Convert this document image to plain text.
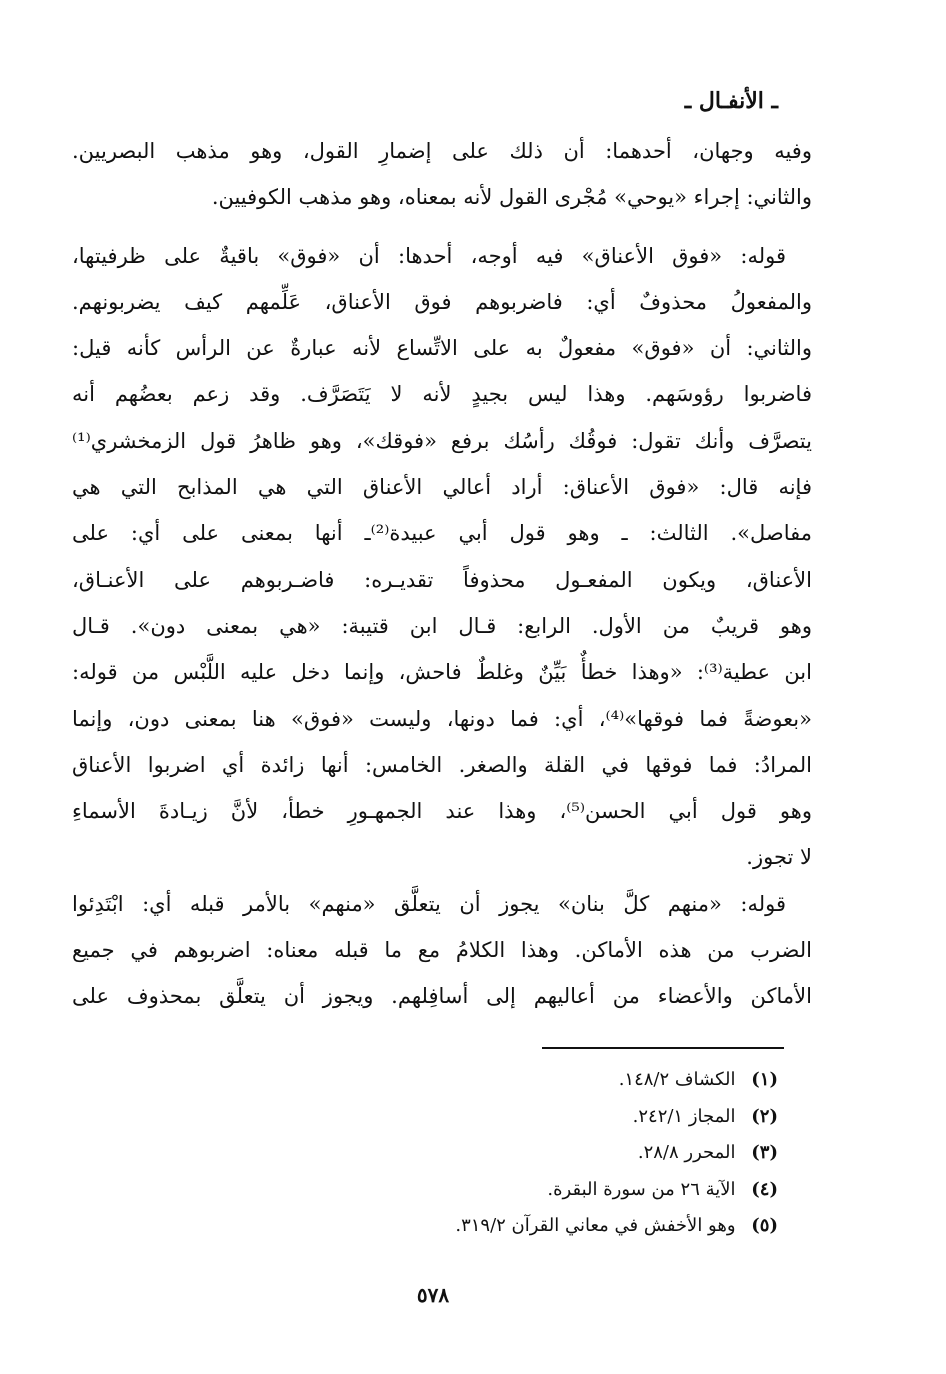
ـ الأنفـال ـ
وفيه وجهان، أحدهما: أن ذلك على إضمارِ القول، وهو مذهب البصريين.
والثاني: إجراء «يوحي» مُجْرى القول لأنه بمعناه، وهو مذهب الكوفيين.
قوله: «فوق الأعناق» فيه أوجه، أحدها: أن «فوق» باقيةٌ على ظرفيتها،
والمفعولُ محذوفٌ أي: فاضربوهم فوق الأعناق، عَلِّمهم كيف يضربونهم.
والثاني: أن «فوق» مفعولٌ به على الاتِّساع لأنه عبارةٌ عن الرأس كأنه قيل:
فاضربوا رؤوسَهم. وهذا ليس بجيدٍ لأنه لا يَتَصَرَّف. وقد زعم بعضُهم أنه
يتصرَّف وأنك تقول: فوقُك رأسُك برفع «فوقك»، وهو ظاهرُ قول الزمخشري⁽¹⁾
فإنه قال: «فوق الأعناق: أراد أعالي الأعناق التي هي المذابح التي هي
مفاصل». الثالث: ـ وهو قول أبي عبيدة⁽²⁾ـ أنها بمعنى على أي: على
الأعناق، ويكون المفعـول محذوفاً تقديـره: فاضـربوهم على الأعنـاق،
وهو قريبٌ من الأول. الرابع: قـال ابن قتيبة: «هي بمعنى دون». قـال
ابن عطية⁽³⁾: «وهذا خطأٌ بَيِّنٌ وغلطٌ فاحش، وإنما دخل عليه اللَّبْس من قوله:
«بعوضةً فما فوقها»⁽⁴⁾، أي: فما دونها، وليست «فوق» هنا بمعنى دون، وإنما
المرادُ: فما فوقها في القلة والصغر. الخامس: أنها زائدة أي اضربوا الأعناق
وهو قول أبي الحسن⁽⁵⁾، وهذا عند الجمهـورِ خطأ، لأنَّ زيـادةَ الأسماءِ
لا تجوز.
قوله: «منهم كلَّ بنان» يجوز أن يتعلَّق «منهم» بالأمر قبله أي: ابْتَدِئوا
الضرب من هذه الأماكن. وهذا الكلامُ مع ما قبله معناه: اضربوهم في جميع
الأماكن والأعضاء من أعاليهم إلى أسافِلهم. ويجوز أن يتعلَّق بمحذوف على
(١) الكشاف ١٤٨/٢.
(٢) المجاز ٢٤٢/١.
(٣) المحرر ٢٨/٨.
(٤) الآية ٢٦ من سورة البقرة.
(٥) وهو الأخفش في معاني القرآن ٣١٩/٢.
٥٧٨
